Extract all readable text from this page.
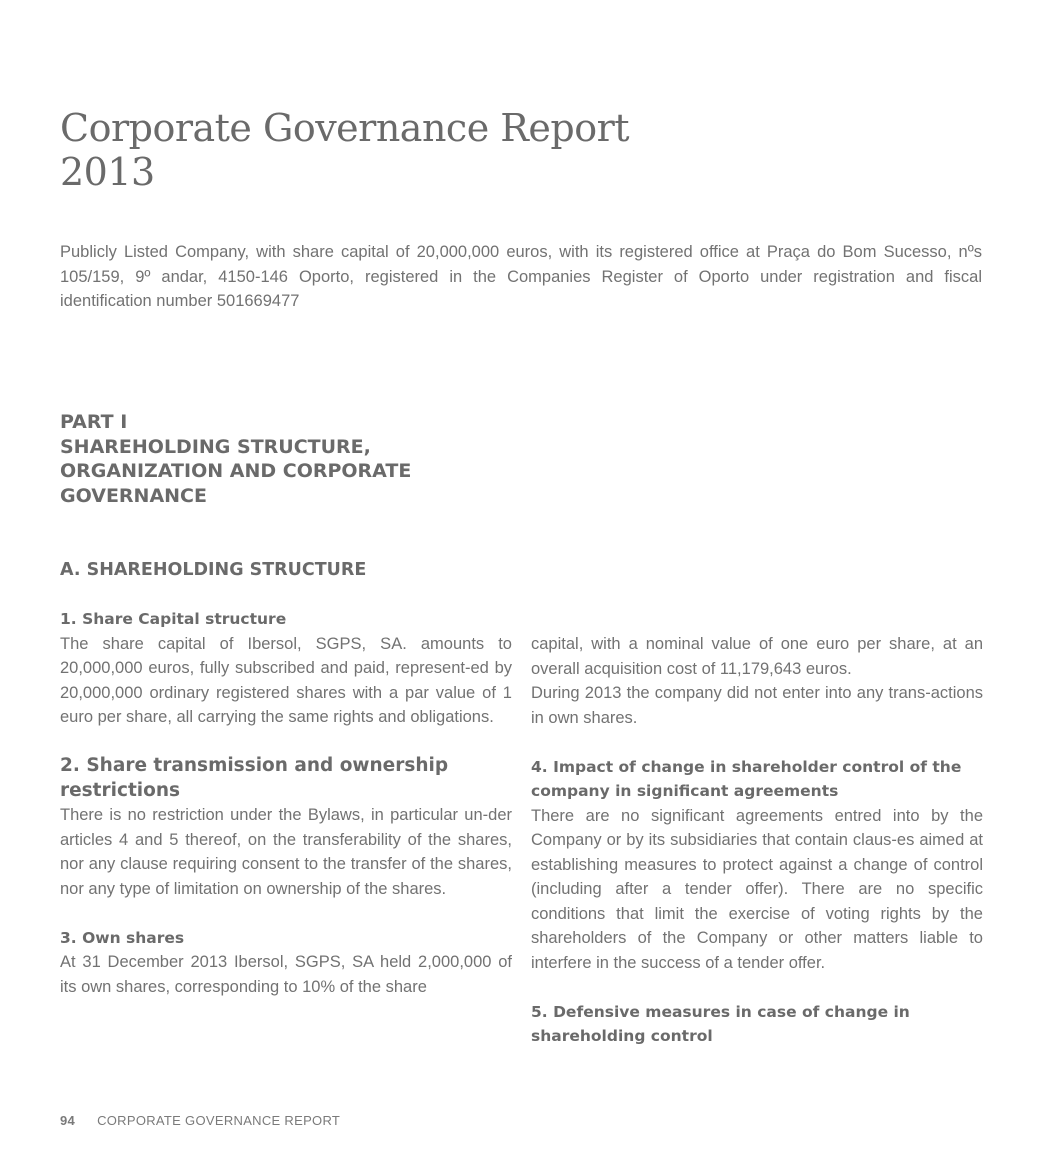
Corporate Governance Report
2013

Publicly Listed Company, with share capital of 20,000,000 euros, with its registered office at Praça do Bom Sucesso, nºs 105/159, 9º andar, 4150-146 Oporto, registered in the Companies Register of Oporto under registration and fiscal identification number 501669477

PART I
SHAREHOLDING STRUCTURE,
ORGANIZATION AND CORPORATE
GOVERNANCE
A. SHAREHOLDING STRUCTURE
1. Share Capital structure

The share capital of Ibersol, SGPS, SA. amounts to 20,000,000 euros, fully subscribed and paid, represent-ed by 20,000,000 ordinary registered shares with a par value of 1 euro per share, all carrying the same rights and obligations.

2. Share transmission and ownership restrictions

There is no restriction under the Bylaws, in particular un-der articles 4 and 5 thereof, on the transferability of the shares, nor any clause requiring consent to the transfer of the shares, nor any type of limitation on ownership of the shares.

3. Own shares

At 31 December 2013 Ibersol, SGPS, SA held 2,000,000 of its own shares, corresponding to 10% of the share

capital, with a nominal value of one euro per share, at an overall acquisition cost of 11,179,643 euros.

During 2013 the company did not enter into any trans-actions in own shares.

4. Impact of change in shareholder control of the company in significant agreements

There are no significant agreements entred into by the Company or by its subsidiaries that contain claus-es aimed at establishing measures to protect against a change of control (including after a tender offer). There are no specific conditions that limit the exercise of voting rights by the shareholders of the Company or other matters liable to interfere in the success of a tender offer.

5. Defensive measures in case of change in shareholding control
94 CORPORATE GOVERNANCE REPORT
